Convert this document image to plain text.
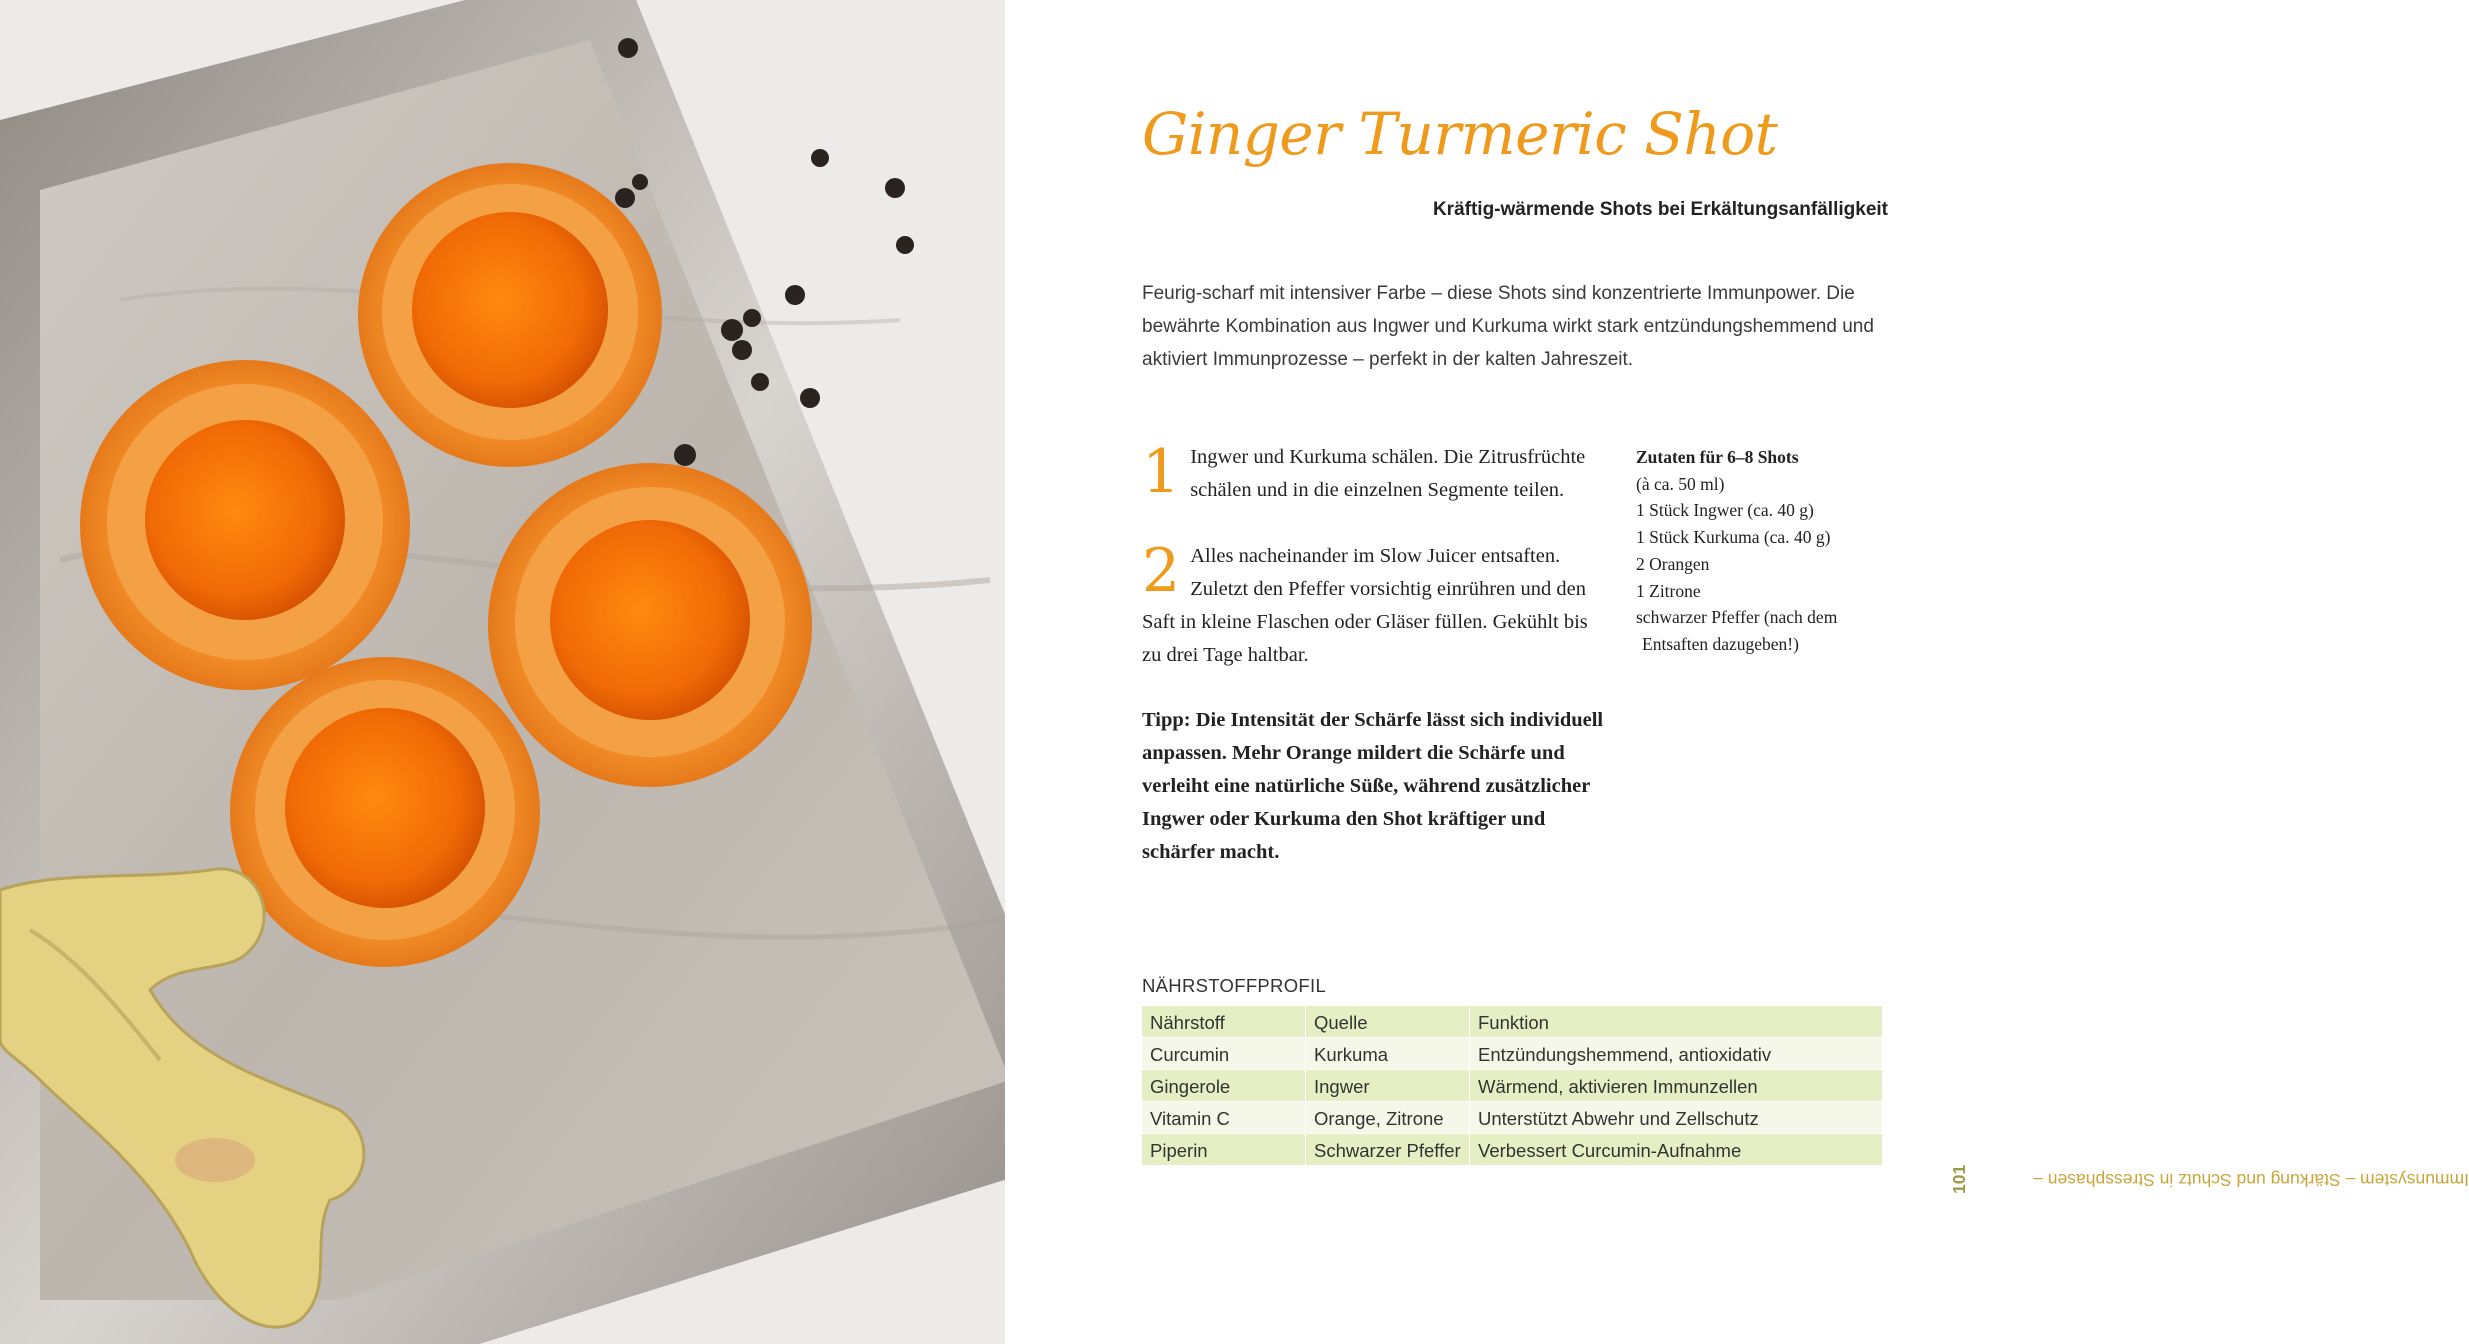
Ginger Turmeric Shot
Kräftig-wärmende Shots bei Erkältungsanfälligkeit

Feurig-scharf mit intensiver Farbe – diese Shots sind konzentrierte Immunpower. Die bewährte Kombination aus Ingwer und Kurkuma wirkt stark entzündungshemmend und aktiviert Immunprozesse – perfekt in der kalten Jahreszeit.

1 Ingwer und Kurkuma schälen. Die Zitrusfrüchte schälen und in die einzelnen Segmente teilen.
2 Alles nacheinander im Slow Juicer entsaften. Zuletzt den Pfeffer vorsichtig einrühren und den Saft in kleine Flaschen oder Gläser füllen. Gekühlt bis zu drei Tage haltbar.

Tipp: Die Intensität der Schärfe lässt sich individuell anpassen. Mehr Orange mildert die Schärfe und verleiht eine natürliche Süße, während zusätzlicher Ingwer oder Kurkuma den Shot kräftiger und schärfer macht.

Zutaten für 6–8 Shots
(à ca. 50 ml)
1 Stück Ingwer (ca. 40 g)
1 Stück Kurkuma (ca. 40 g)
2 Orangen
1 Zitrone
schwarzer Pfeffer (nach dem
Entsaften dazugeben!)
NÄHRSTOFFPROFIL
Nährstoff	Quelle	Funktion
Curcumin	Kurkuma	Entzündungshemmend, antioxidativ
Gingerole	Ingwer	Wärmend, aktivieren Immunzellen
Vitamin C	Orange, Zitrone	Unterstützt Abwehr und Zellschutz
Piperin	Schwarzer Pfeffer	Verbessert Curcumin-Aufnahme
Immunsystem – Stärkung und Schutz in Stressphasen –
101
